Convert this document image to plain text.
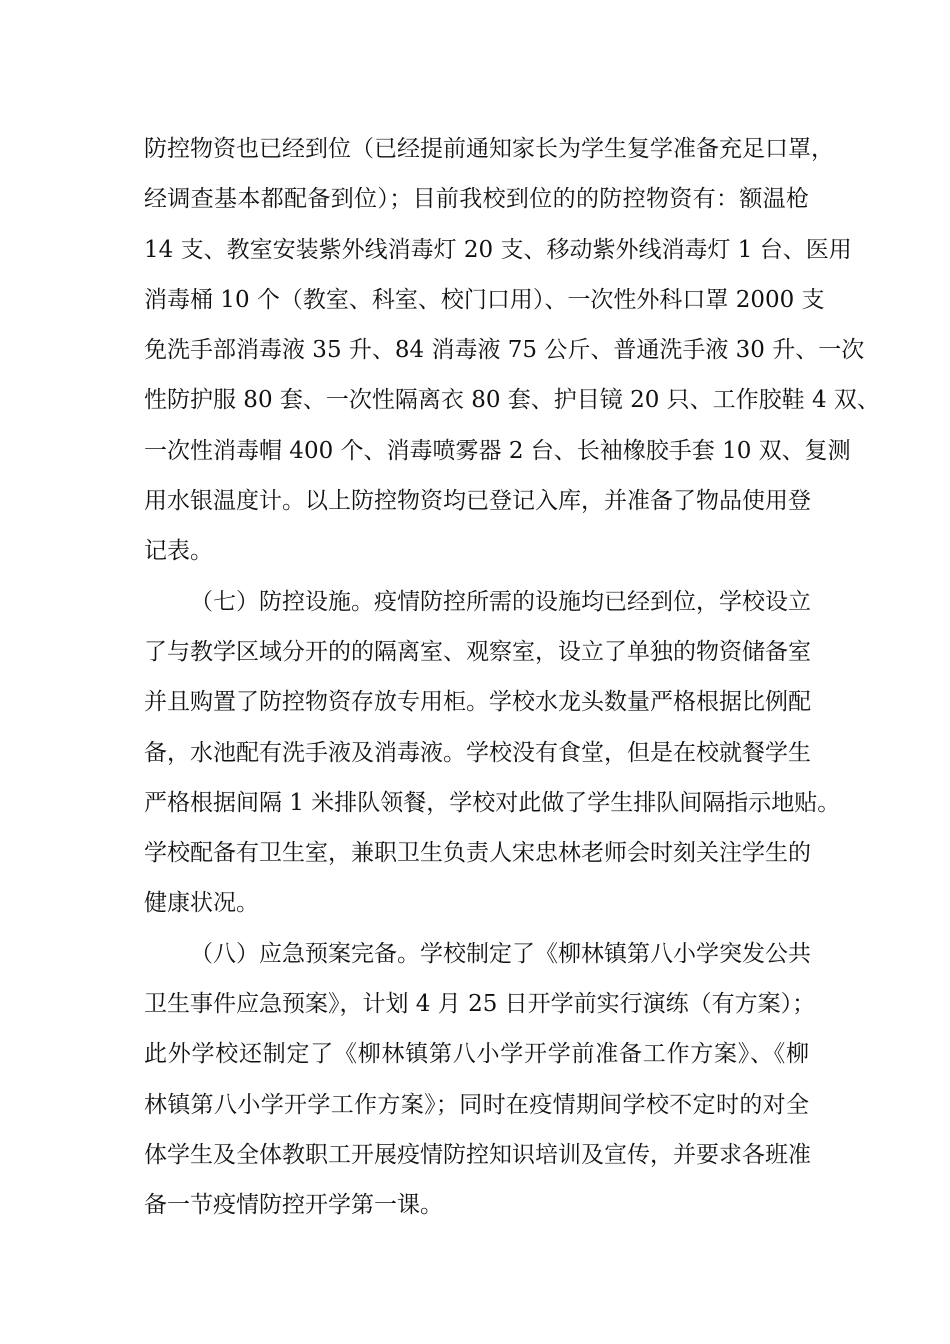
防控物资也已经到位（已经提前通知家长为学生复学准备充足口罩，
经调查基本都配备到位）；目前我校到位的的防控物资有：额温枪
14 支、教室安装紫外线消毒灯 20 支、移动紫外线消毒灯 1 台、医用
消毒桶 10 个（教室、科室、校门口用）、一次性外科口罩 2000 支
免洗手部消毒液 35 升、84 消毒液 75 公斤、普通洗手液 30 升、一次
性防护服 80 套、一次性隔离衣 80 套、护目镜 20 只、工作胶鞋 4 双、
一次性消毒帽 400 个、消毒喷雾器 2 台、长袖橡胶手套 10 双、复测
用水银温度计。以上防控物资均已登记入库，并准备了物品使用登
记表。
（七）防控设施。疫情防控所需的设施均已经到位，学校设立
了与教学区域分开的的隔离室、观察室，设立了单独的物资储备室
并且购置了防控物资存放专用柜。学校水龙头数量严格根据比例配
备，水池配有洗手液及消毒液。学校没有食堂，但是在校就餐学生
严格根据间隔 1 米排队领餐，学校对此做了学生排队间隔指示地贴。
学校配备有卫生室，兼职卫生负责人宋忠林老师会时刻关注学生的
健康状况。
（八）应急预案完备。学校制定了《柳林镇第八小学突发公共
卫生事件应急预案》，计划 4 月 25 日开学前实行演练（有方案）；
此外学校还制定了《柳林镇第八小学开学前准备工作方案》、《柳
林镇第八小学开学工作方案》；同时在疫情期间学校不定时的对全
体学生及全体教职工开展疫情防控知识培训及宣传，并要求各班准
备一节疫情防控开学第一课。
